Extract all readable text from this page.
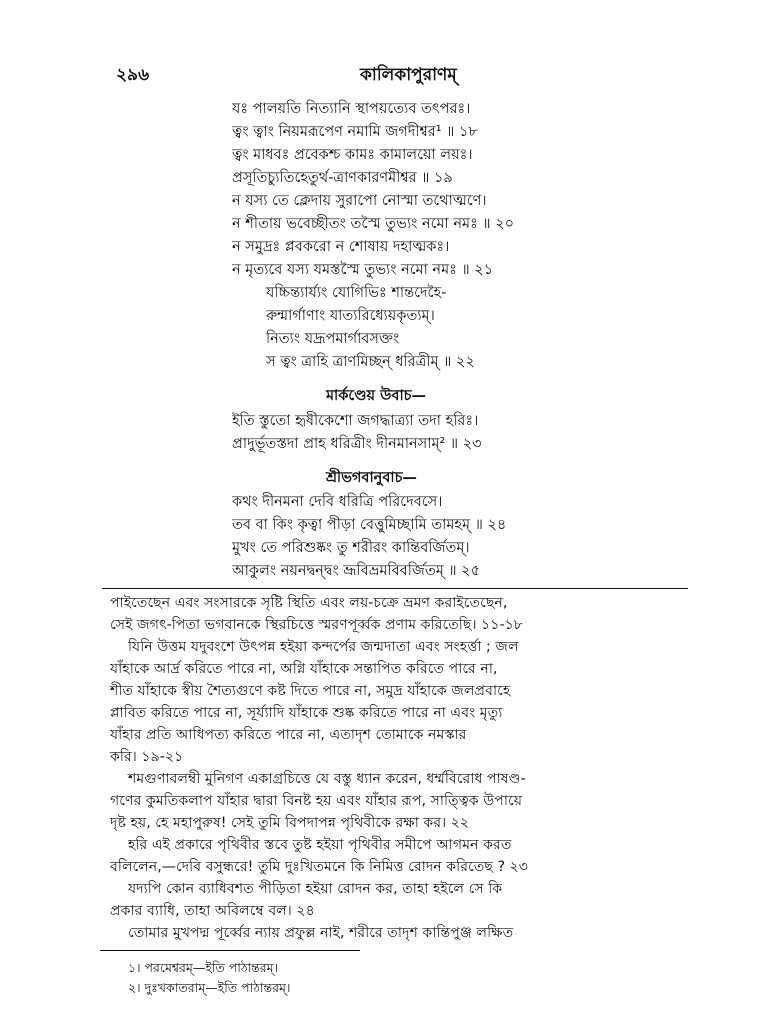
২৯৬	কালিকাপুরাণম্‌
যঃ পালয়তি নিত্যানি স্থাপয়ত্যেব তৎপরঃ।
ত্বং ত্বাং নিয়মরূপেণ নমামি জগদীশ্বর¹ ॥ ১৮
ত্বং মাধবঃ প্রবেকশ্চ কামঃ কামালয়ো লয়ঃ।
প্রসূতিচ্যুতিহেতুর্থ-ত্রাণকারণমীশ্বর ॥ ১৯
ন যস্য তে ক্লেদায় সুরাপো নোস্মা তথোত্মণে।
ন শীতায় ভবেচ্ছীতং তস্মৈ তুভ্যং নমো নমঃ ॥ ২০
ন সমুদ্রঃ প্লবকরো ন শোষায় দহাত্মকঃ।
ন মৃত্যবে যস্য যমস্তস্মৈ তুভ্যং নমো নমঃ ॥ ২১
যচ্চিন্ত্যাৰ্য্যং যোগিভিঃ শান্তদেহৈ-
রুন্মার্গাণাং যাত্যরিধ্যেয়কৃত্যম্‌।
নিত্যং যদ্রূপমার্গাবসক্তং
স ত্বং ত্রাহি ত্রাণমিচ্ছন্‌ ধরিত্রীম্‌ ॥ ২২
মার্কণ্ডেয় উবাচ—
ইতি স্তুতো হৃষীকেশো জগদ্ধাত্র্যা তদা হরিঃ।
প্রাদুর্ভূতস্তদা প্রাহ ধরিত্রীং দীনমানসাম্‌² ॥ ২৩
শ্রীভগবানুবাচ—
কথং দীনমনা দেবি ধরিত্রি পরিদেবসে।
তব বা কিং কৃত্বা পীড়া বেত্তুমিচ্ছামি তামহম্‌ ॥ ২৪
মুখং তে পরিশুষ্কং তু শরীরং কান্তিবর্জিতম্‌।
আকুলং নয়নদ্বন্দ্বং ভ্রূবিভ্রমবিবর্জিতম্‌ ॥ ২৫
পাইতেছেন এবং সংসারকে সৃষ্টি স্থিতি এবং লয়-চক্রে ভ্রমণ করাইতেছেন,
সেই জগৎ-পিতা ভগবানকে স্থিরচিত্তে স্মরণপূর্ব্বক প্রণাম করিতেছি। ১১-১৮
যিনি উত্তম যদুবংশে উৎপন্ন হইয়া কন্দর্পের জন্মদাতা এবং সংহর্ত্তা ; জল
যাঁহাকে আর্দ্র করিতে পারে না, অগ্নি যাঁহাকে সন্তাপিত করিতে পারে না,
শীত যাঁহাকে স্বীয় শৈত্যগুণে কষ্ট দিতে পারে না, সমুদ্র যাঁহাকে জলপ্রবাহে
প্লাবিত করিতে পারে না, সূর্য্যাদি যাঁহাকে শুষ্ক করিতে পারে না এবং মৃত্যু
যাঁহার প্রতি আধিপত্য করিতে পারে না, এতাদৃশ তোমাকে নমস্কার
করি। ১৯-২১
শমগুণাবলম্বী মুনিগণ একাগ্রচিত্তে যে বস্তু ধ্যান করেন, ধর্ম্মবিরোধ পাষণ্ড-
গণের কুমতিকলাপ যাঁহার দ্বারা বিনষ্ট হয় এবং যাঁহার রূপ, সাত্ত্বিক উপায়ে
দৃষ্ট হয়, হে মহাপুরুষ! সেই তুমি বিপদাপন্ন পৃথিবীকে রক্ষা কর। ২২
হরি এই প্রকারে পৃথিবীর স্তবে তুষ্ট হইয়া পৃথিবীর সমীপে আগমন করত
বলিলেন,—দেবি বসুন্ধরে! তুমি দুঃখিতমনে কি নিমিত্ত রোদন করিতেছ ? ২৩
যদ্যপি কোন ব্যাধিবশত পীড়িতা হইয়া রোদন কর, তাহা হইলে সে কি
প্রকার ব্যাধি, তাহা অবিলম্বে বল। ২৪
তোমার মুখপদ্ম পূর্ব্বের ন্যায় প্রফুল্ল নাই, শরীরে তাদৃশ কান্তিপুঞ্জ লক্ষিত
১। পরমেশ্বরম্‌—ইতি পাঠান্তরম্‌।
২। দুঃখকাতরাম্‌—ইতি পাঠান্তরম্‌।
